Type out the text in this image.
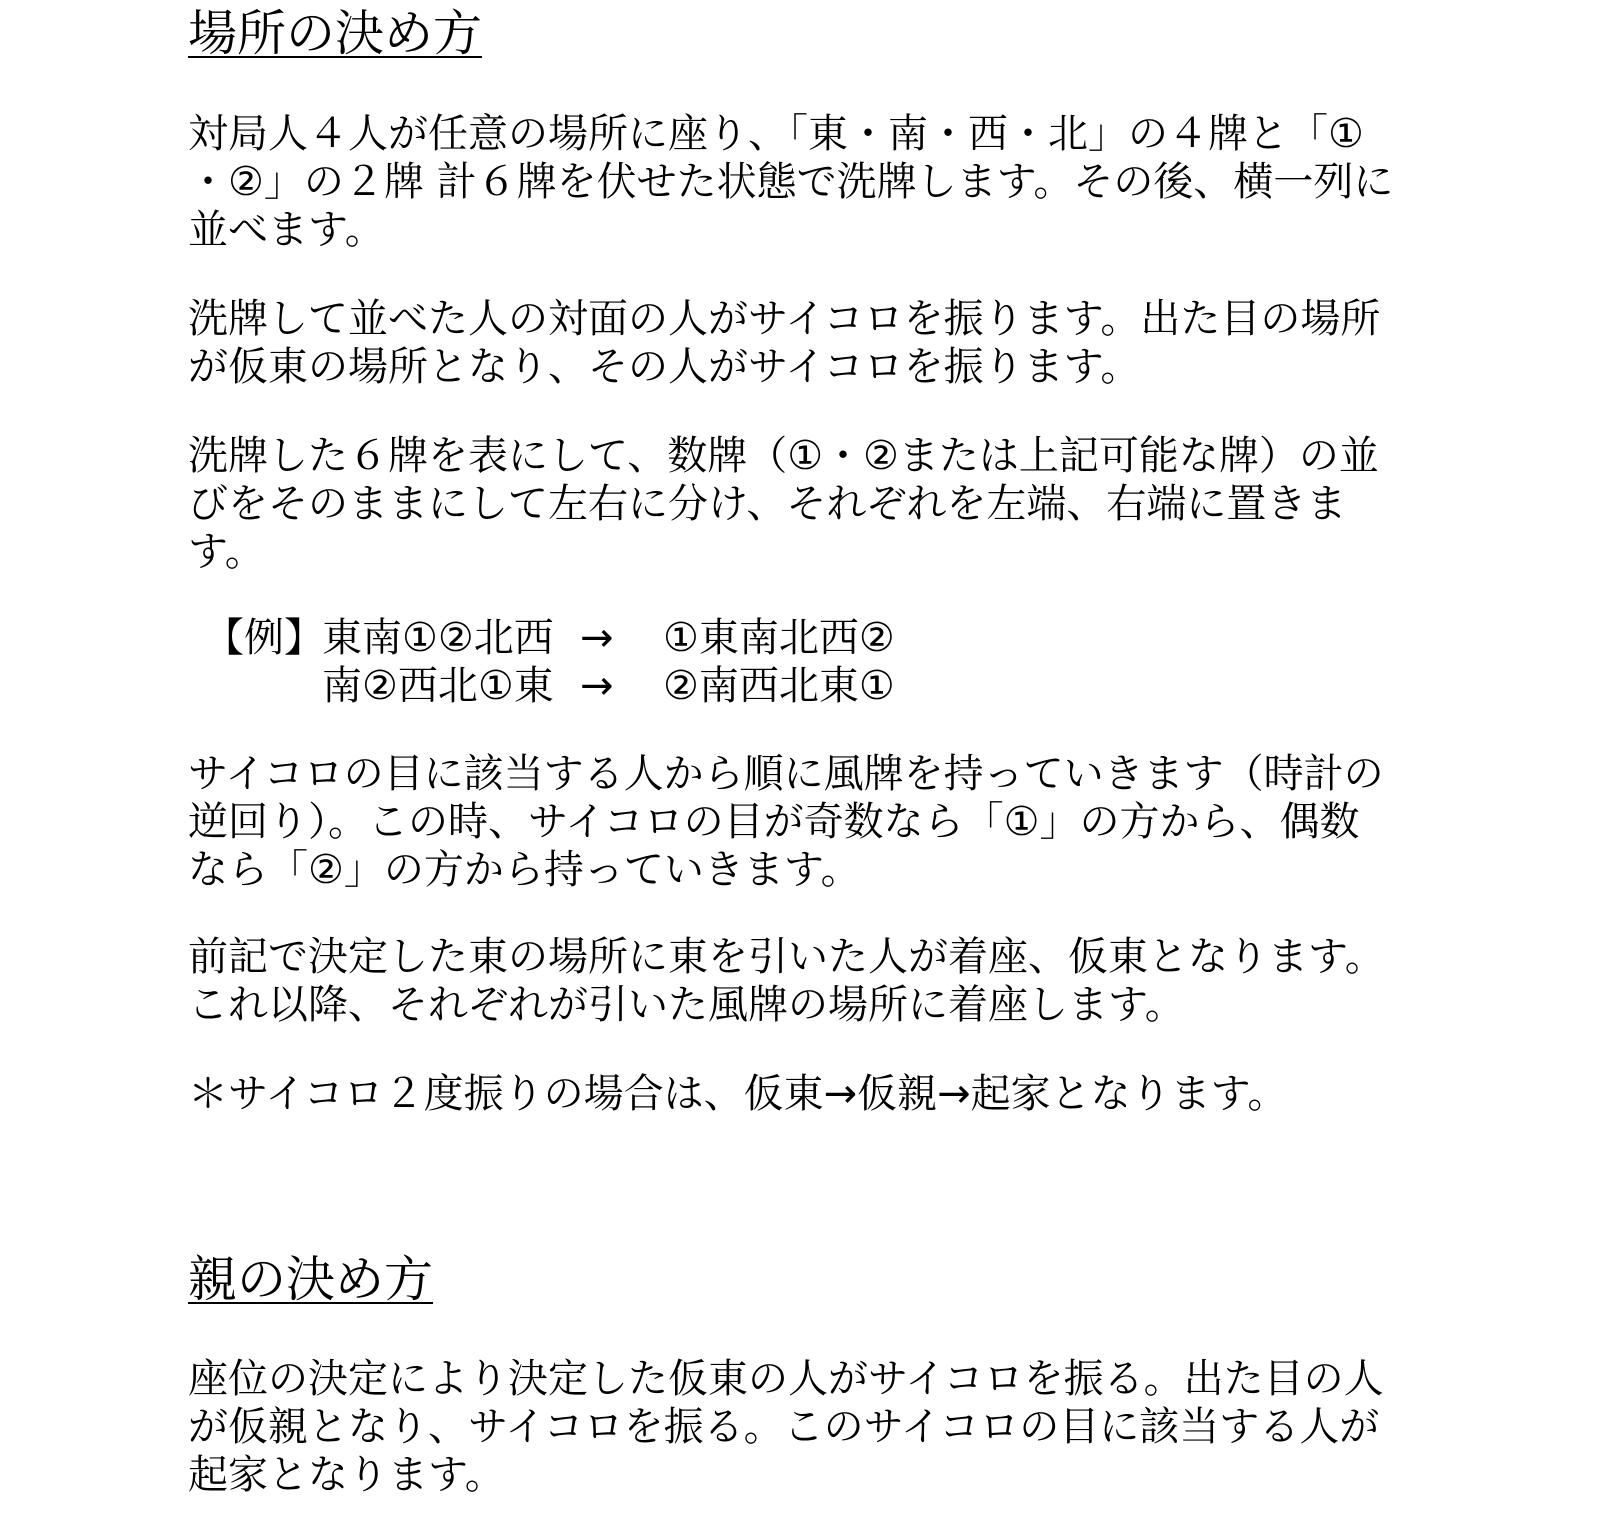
場所の決め方
対局人４人が任意の場所に座り、「東・南・西・北」の４牌と「①
・②」の２牌 計６牌を伏せた状態で洗牌します。その後、横一列に
並べます。
洗牌して並べた人の対面の人がサイコロを振ります。出た目の場所
が仮東の場所となり、その人がサイコロを振ります。
洗牌した６牌を表にして、数牌（①・②または上記可能な牌）の並
びをそのままにして左右に分け、それぞれを左端、右端に置きま
す。
【例】
東南①②北西 →	①東南北西②
南②西北①東 →	②南西北東①
サイコロの目に該当する人から順に風牌を持っていきます（時計の
逆回り）。この時、サイコロの目が奇数なら「①」の方から、偶数
なら「②」の方から持っていきます。
前記で決定した東の場所に東を引いた人が着座、仮東となります。
これ以降、それぞれが引いた風牌の場所に着座します。
＊サイコロ２度振りの場合は、仮東→仮親→起家となります。
親の決め方
座位の決定により決定した仮東の人がサイコロを振る。出た目の人
が仮親となり、サイコロを振る。このサイコロの目に該当する人が
起家となります。
